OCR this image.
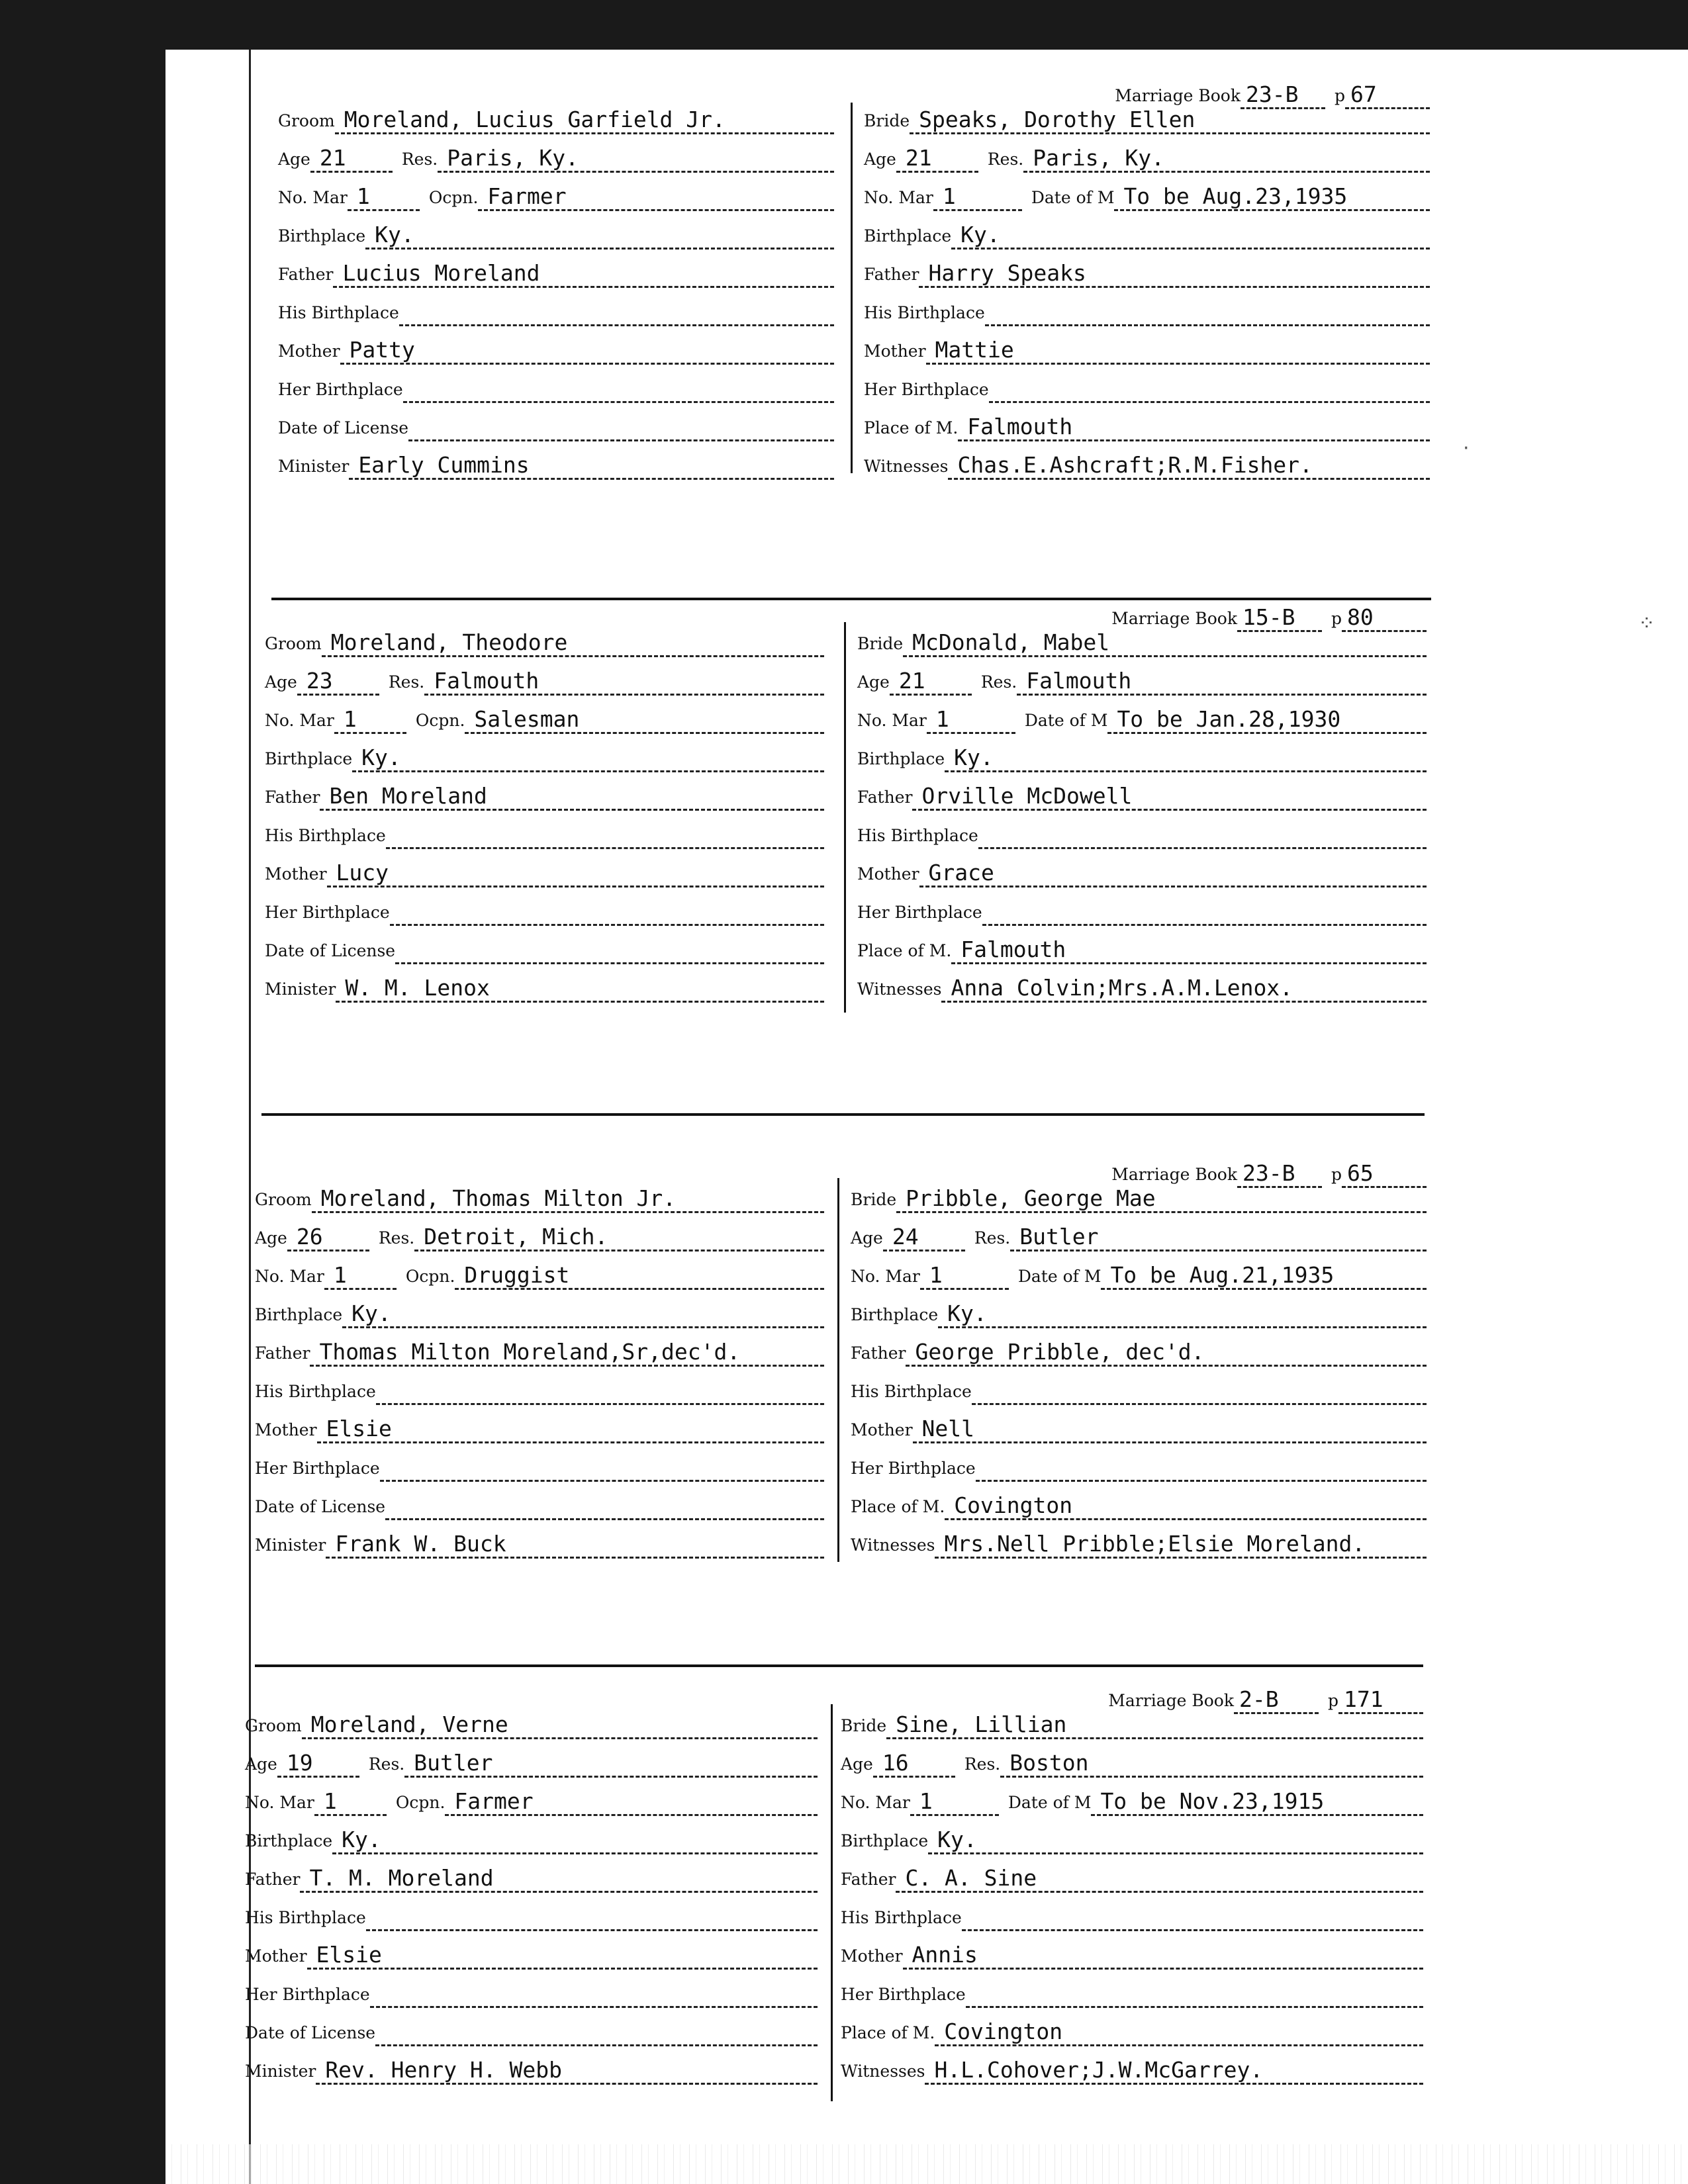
⁘
·
Groom Moreland, Lucius Garfield Jr.
Age 21	Res. Paris, Ky.
No. Mar 1	Ocpn. Farmer
Birthplace Ky.
Father Lucius Moreland
His Birthplace
Mother Patty
Her Birthplace
Date of License
Minister Early Cummins
Marriage Book 23-B	p 67
Bride Speaks, Dorothy Ellen
Age 21	Res. Paris, Ky.
No. Mar 1	Date of M To be Aug.23,1935
Birthplace Ky.
Father Harry Speaks
His Birthplace
Mother Mattie
Her Birthplace
Place of M. Falmouth
Witnesses Chas.E.Ashcraft;R.M.Fisher.
Groom Moreland, Theodore
Age 23	Res. Falmouth
No. Mar 1	Ocpn. Salesman
Birthplace Ky.
Father Ben Moreland
His Birthplace
Mother Lucy
Her Birthplace
Date of License
Minister W. M. Lenox
Marriage Book 15-B	p 80
Bride McDonald, Mabel
Age 21	Res. Falmouth
No. Mar 1	Date of M To be Jan.28,1930
Birthplace Ky.
Father Orville McDowell
His Birthplace
Mother Grace
Her Birthplace
Place of M. Falmouth
Witnesses Anna Colvin;Mrs.A.M.Lenox.
Groom Moreland, Thomas Milton Jr.
Age 26	Res. Detroit, Mich.
No. Mar 1	Ocpn. Druggist
Birthplace Ky.
Father Thomas Milton Moreland,Sr,dec'd.
His Birthplace
Mother Elsie
Her Birthplace
Date of License
Minister Frank W. Buck
Marriage Book 23-B	p 65
Bride Pribble, George Mae
Age 24	Res. Butler
No. Mar 1	Date of M To be Aug.21,1935
Birthplace Ky.
Father George Pribble, dec'd.
His Birthplace
Mother Nell
Her Birthplace
Place of M. Covington
Witnesses Mrs.Nell Pribble;Elsie Moreland.
Groom Moreland, Verne
Age 19	Res. Butler
No. Mar 1	Ocpn. Farmer
Birthplace Ky.
Father T. M. Moreland
His Birthplace
Mother Elsie
Her Birthplace
Date of License
Minister Rev. Henry H. Webb
Marriage Book 2-B	p 171
Bride Sine, Lillian
Age 16	Res. Boston
No. Mar 1	Date of M To be Nov.23,1915
Birthplace Ky.
Father C. A. Sine
His Birthplace
Mother Annis
Her Birthplace
Place of M. Covington
Witnesses H.L.Cohover;J.W.McGarrey.
